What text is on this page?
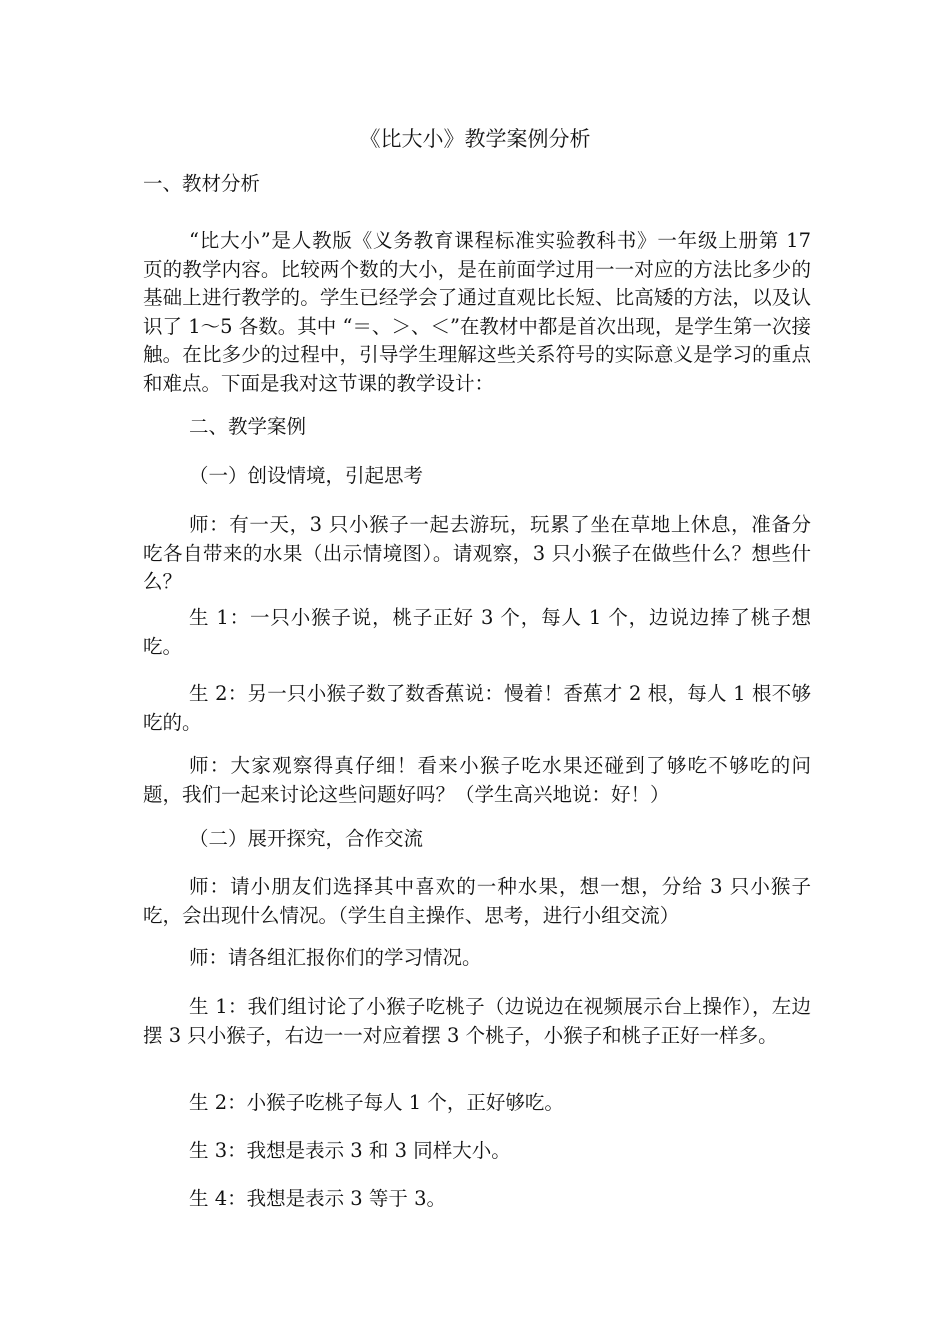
《比大小》教学案例分析

一、教材分析

“比大小”是人教版《义务教育课程标准实验教科书》一年级上册第 17 页的教学内容。比较两个数的大小，是在前面学过用一一对应的方法比多少的基础上进行教学的。学生已经学会了通过直观比长短、比高矮的方法，以及认识了 1～5 各数。其中 “＝、＞、＜”在教材中都是首次出现，是学生第一次接触。在比多少的过程中，引导学生理解这些关系符号的实际意义是学习的重点和难点。下面是我对这节课的教学设计：

二、教学案例

（一）创设情境，引起思考

师：有一天，3 只小猴子一起去游玩，玩累了坐在草地上休息，准备分吃各自带来的水果（出示情境图）。请观察，3 只小猴子在做些什么？想些什么？

生 1：一只小猴子说，桃子正好 3 个，每人 1 个，边说边捧了桃子想吃。

生 2：另一只小猴子数了数香蕉说：慢着！香蕉才 2 根，每人 1 根不够吃的。

师：大家观察得真仔细！看来小猴子吃水果还碰到了够吃不够吃的问题，我们一起来讨论这些问题好吗？（学生高兴地说：好！）

（二）展开探究，合作交流

师：请小朋友们选择其中喜欢的一种水果，想一想，分给 3 只小猴子吃，会出现什么情况。（学生自主操作、思考，进行小组交流）

师：请各组汇报你们的学习情况。

生 1：我们组讨论了小猴子吃桃子（边说边在视频展示台上操作），左边摆 3 只小猴子，右边一一对应着摆 3 个桃子，小猴子和桃子正好一样多。

生 2：小猴子吃桃子每人 1 个，正好够吃。

生 3：我想是表示 3 和 3 同样大小。

生 4：我想是表示 3 等于 3。
